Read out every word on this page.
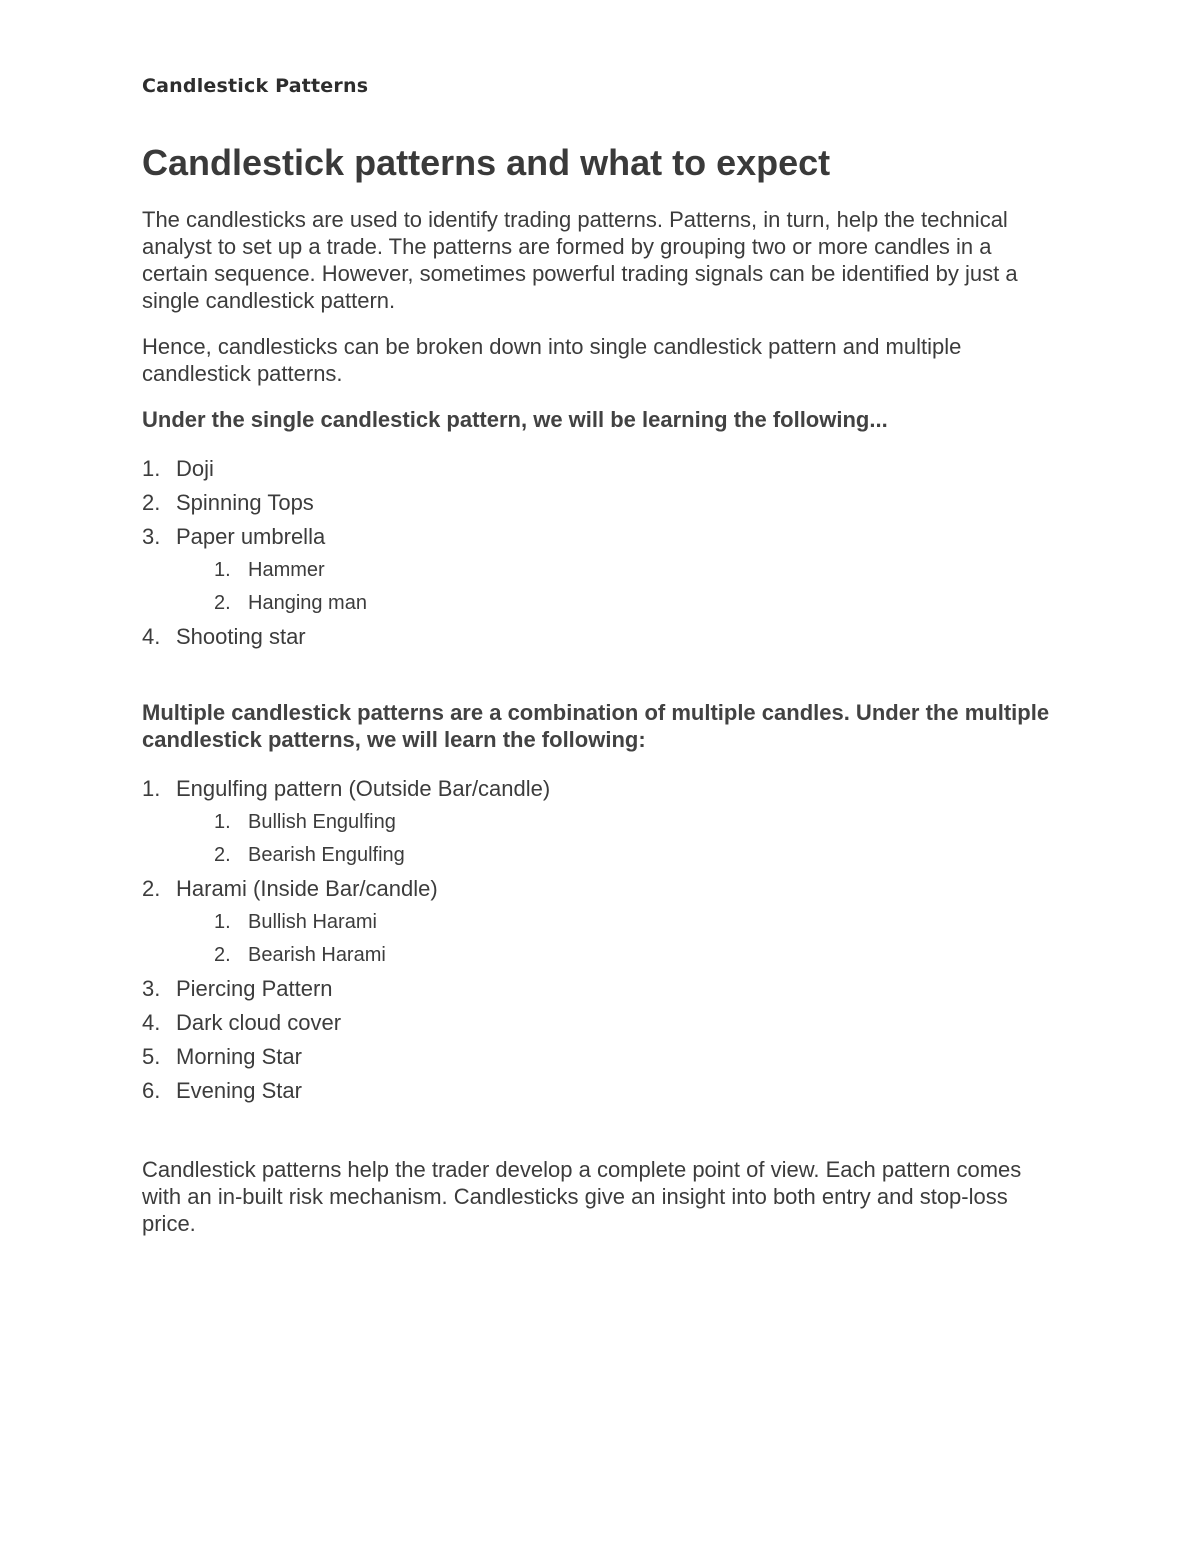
Candlestick Patterns
Candlestick patterns and what to expect

The candlesticks are used to identify trading patterns. Patterns, in turn, help the technical analyst to set up a trade. The patterns are formed by grouping two or more candles in a certain sequence. However, sometimes powerful trading signals can be identified by just a single candlestick pattern.

Hence, candlesticks can be broken down into single candlestick pattern and multiple candlestick patterns.

Under the single candlestick pattern, we will be learning the following...

1. Doji
2. Spinning Tops
3. Paper umbrella
1. Hammer
2. Hanging man
4. Shooting star

Multiple candlestick patterns are a combination of multiple candles. Under the multiple candlestick patterns, we will learn the following:

1. Engulfing pattern (Outside Bar/candle)
1. Bullish Engulfing
2. Bearish Engulfing
2. Harami (Inside Bar/candle)
1. Bullish Harami
2. Bearish Harami
3. Piercing Pattern
4. Dark cloud cover
5. Morning Star
6. Evening Star

Candlestick patterns help the trader develop a complete point of view. Each pattern comes with an in-built risk mechanism. Candlesticks give an insight into both entry and stop-loss price.
